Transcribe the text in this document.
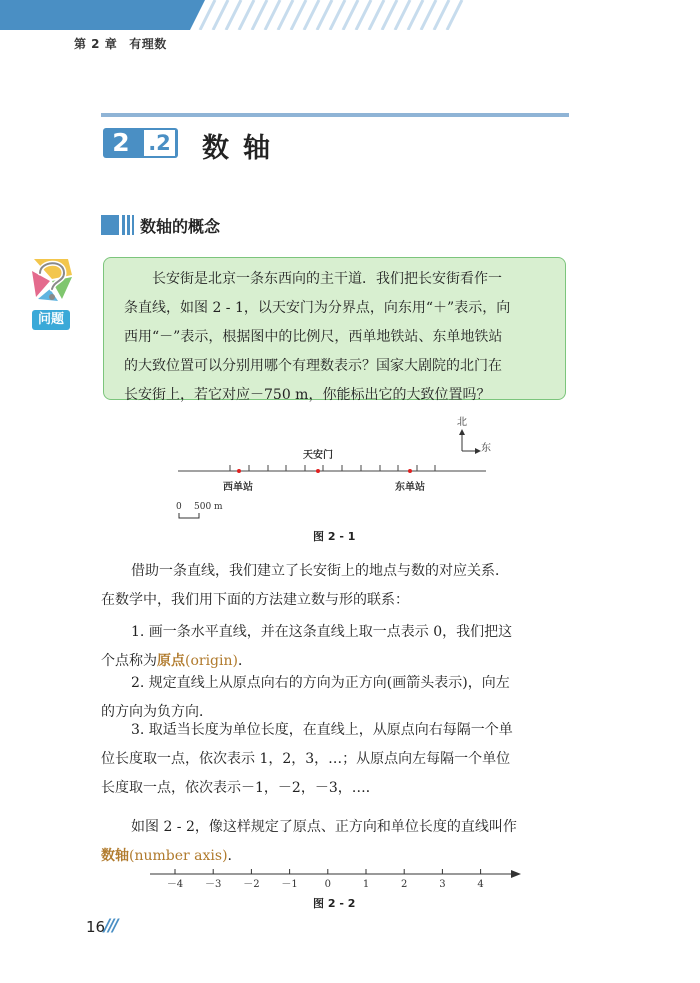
第 2 章 有理数
2 .2 数轴
数轴的概念
问题
长安街是北京一条东西向的主干道．我们把长安街看作一
条直线，如图 2 - 1，以天安门为分界点，向东用“＋”表示，向
西用“－”表示，根据图中的比例尺，西单地铁站、东单地铁站
的大致位置可以分别用哪个有理数表示？国家大剧院的北门在
长安街上，若它对应－750 m，你能标出它的大致位置吗？
北
东
天安门
西单站	东单站
0 500 m
图 2 - 1
借助一条直线，我们建立了长安街上的地点与数的对应关系．
在数学中，我们用下面的方法建立数与形的联系：
1. 画一条水平直线，并在这条直线上取一点表示 0，我们把这
个点称为原点(origin)．
2. 规定直线上从原点向右的方向为正方向(画箭头表示)，向左
的方向为负方向．
3. 取适当长度为单位长度，在直线上，从原点向右每隔一个单
位长度取一点，依次表示 1，2，3，…；从原点向左每隔一个单位
长度取一点，依次表示－1，－2，－3，…．
如图 2 - 2，像这样规定了原点、正方向和单位长度的直线叫作
数轴(number axis).
－4 －3 －2 －1	0	1	2	3	4
图 2 - 2
16
///
